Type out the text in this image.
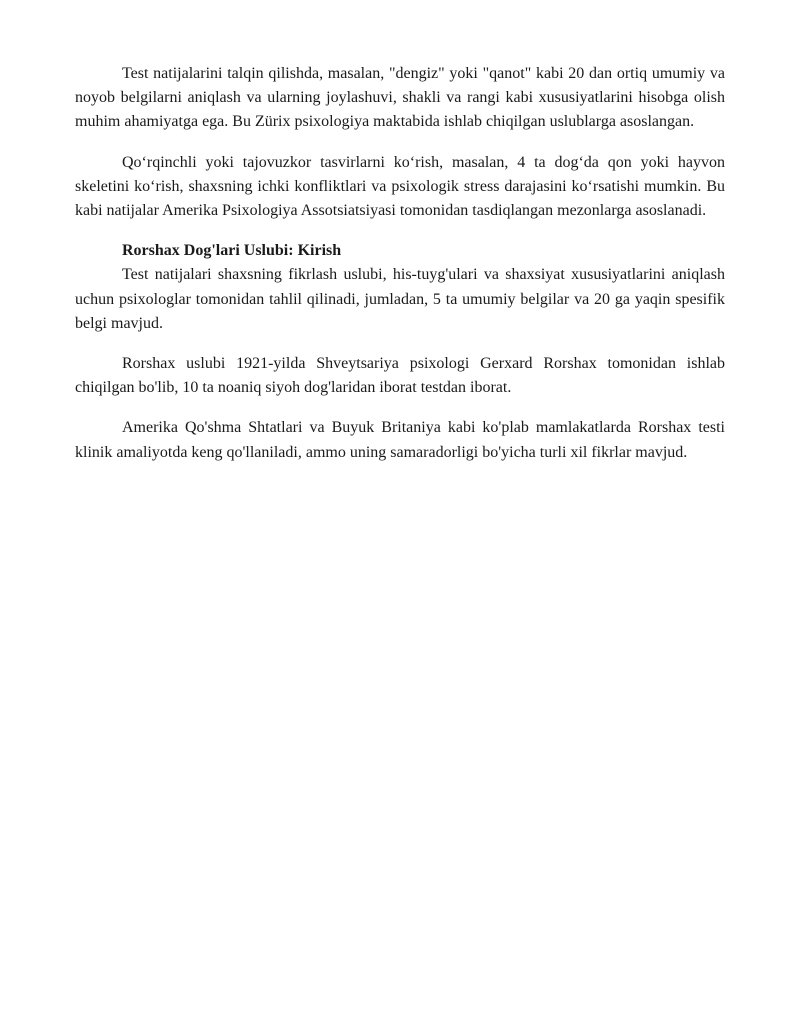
Test natijalarini talqin qilishda, masalan, "dengiz" yoki "qanot" kabi 20 dan ortiq umumiy va noyob belgilarni aniqlash va ularning joylashuvi, shakli va rangi kabi xususiyatlarini hisobga olish muhim ahamiyatga ega. Bu Zürix psixologiya maktabida ishlab chiqilgan uslublarga asoslangan.

Qo‘rqinchli yoki tajovuzkor tasvirlarni ko‘rish, masalan, 4 ta dog‘da qon yoki hayvon skeletini ko‘rish, shaxsning ichki konfliktlari va psixologik stress darajasini ko‘rsatishi mumkin. Bu kabi natijalar Amerika Psixologiya Assotsiatsiyasi tomonidan tasdiqlangan mezonlarga asoslanadi.

Rorshax Dog'lari Uslubi: Kirish

Test natijalari shaxsning fikrlash uslubi, his-tuyg'ulari va shaxsiyat xususiyatlarini aniqlash uchun psixologlar tomonidan tahlil qilinadi, jumladan, 5 ta umumiy belgilar va 20 ga yaqin spesifik belgi mavjud.

Rorshax uslubi 1921-yilda Shveytsariya psixologi Gerxard Rorshax tomonidan ishlab chiqilgan bo'lib, 10 ta noaniq siyoh dog'laridan iborat testdan iborat.

Amerika Qo'shma Shtatlari va Buyuk Britaniya kabi ko'plab mamlakatlarda Rorshax testi klinik amaliyotda keng qo'llaniladi, ammo uning samaradorligi bo'yicha turli xil fikrlar mavjud.
